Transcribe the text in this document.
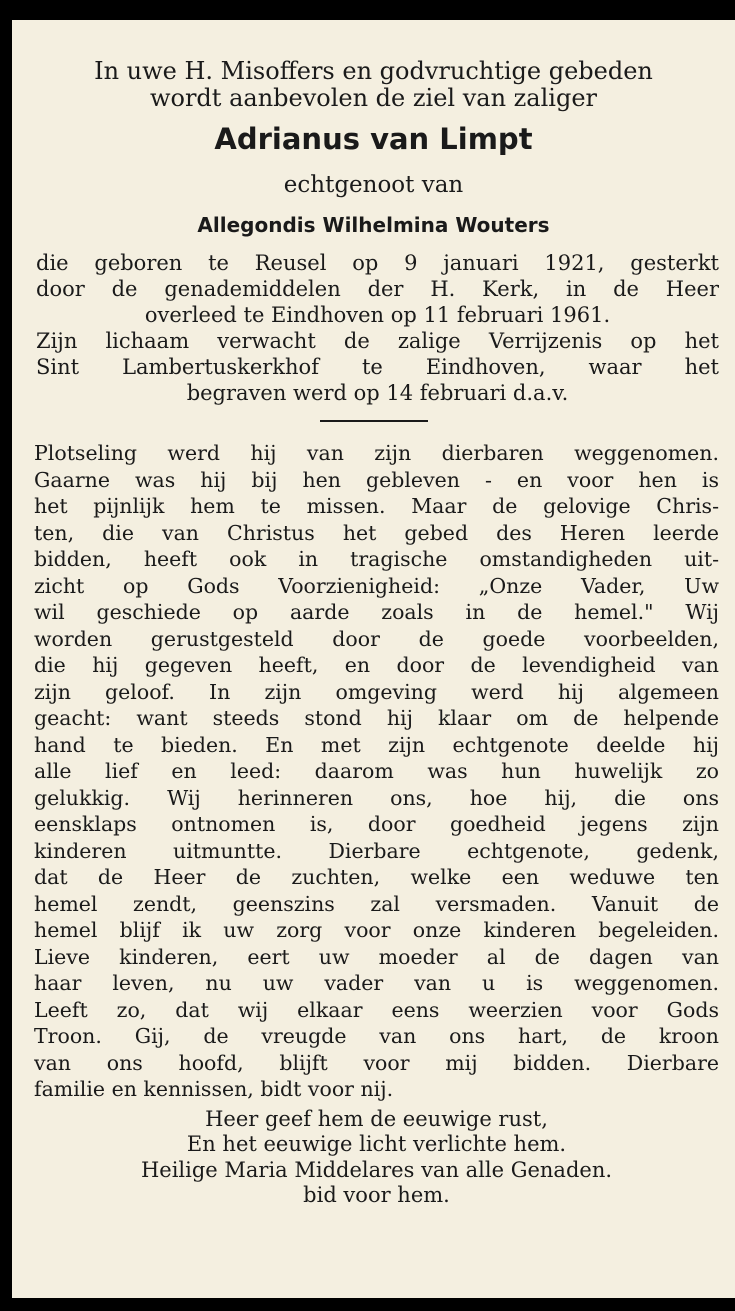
In uwe H. Misoffers en godvruchtige gebeden
wordt aanbevolen de ziel van zaliger
Adrianus van Limpt
echtgenoot van
Allegondis Wilhelmina Wouters
die geboren te Reusel op 9 januari 1921, gesterkt
door de genademiddelen der H. Kerk, in de Heer
overleed te Eindhoven op 11 februari 1961.
Zijn lichaam verwacht de zalige Verrijzenis op het
Sint Lambertuskerkhof te Eindhoven, waar het
begraven werd op 14 februari d.a.v.
Plotseling werd hij van zijn dierbaren weggenomen.
Gaarne was hij bij hen gebleven - en voor hen is
het pijnlijk hem te missen. Maar de gelovige Chris-
ten, die van Christus het gebed des Heren leerde
bidden, heeft ook in tragische omstandigheden uit-
zicht op Gods Voorzienigheid: „Onze Vader, Uw
wil geschiede op aarde zoals in de hemel." Wij
worden gerustgesteld door de goede voorbeelden,
die hij gegeven heeft, en door de levendigheid van
zijn geloof. In zijn omgeving werd hij algemeen
geacht: want steeds stond hij klaar om de helpende
hand te bieden. En met zijn echtgenote deelde hij
alle lief en leed: daarom was hun huwelijk zo
gelukkig. Wij herinneren ons, hoe hij, die ons
eensklaps ontnomen is, door goedheid jegens zijn
kinderen uitmuntte. Dierbare echtgenote, gedenk,
dat de Heer de zuchten, welke een weduwe ten
hemel zendt, geenszins zal versmaden. Vanuit de
hemel blijf ik uw zorg voor onze kinderen begeleiden.
Lieve kinderen, eert uw moeder al de dagen van
haar leven, nu uw vader van u is weggenomen.
Leeft zo, dat wij elkaar eens weerzien voor Gods
Troon. Gij, de vreugde van ons hart, de kroon
van ons hoofd, blijft voor mij bidden. Dierbare
familie en kennissen, bidt voor nij.
Heer geef hem de eeuwige rust,
En het eeuwige licht verlichte hem.
Heilige Maria Middelares van alle Genaden.
bid voor hem.
